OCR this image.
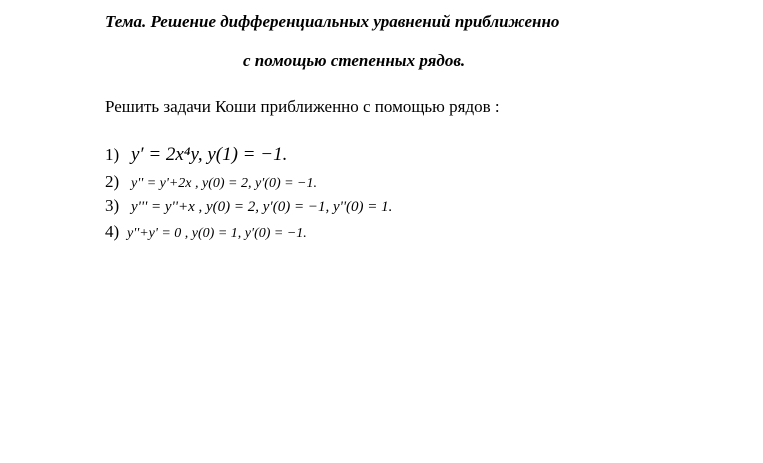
Тема. Решение дифференциальных уравнений приближенно
с помощью степенных рядов.
Решить задачи Коши приближенно с помощью рядов :
1) y′ = 2x⁴y, y(1) = −1.
2) y'' = y'+2x , y(0) = 2, y′(0) = −1.
3) y''' = y''+x , y(0) = 2, y′(0) = −1, y''(0) = 1.
4) y''+y' = 0 , y(0) = 1, y′(0) = −1.
